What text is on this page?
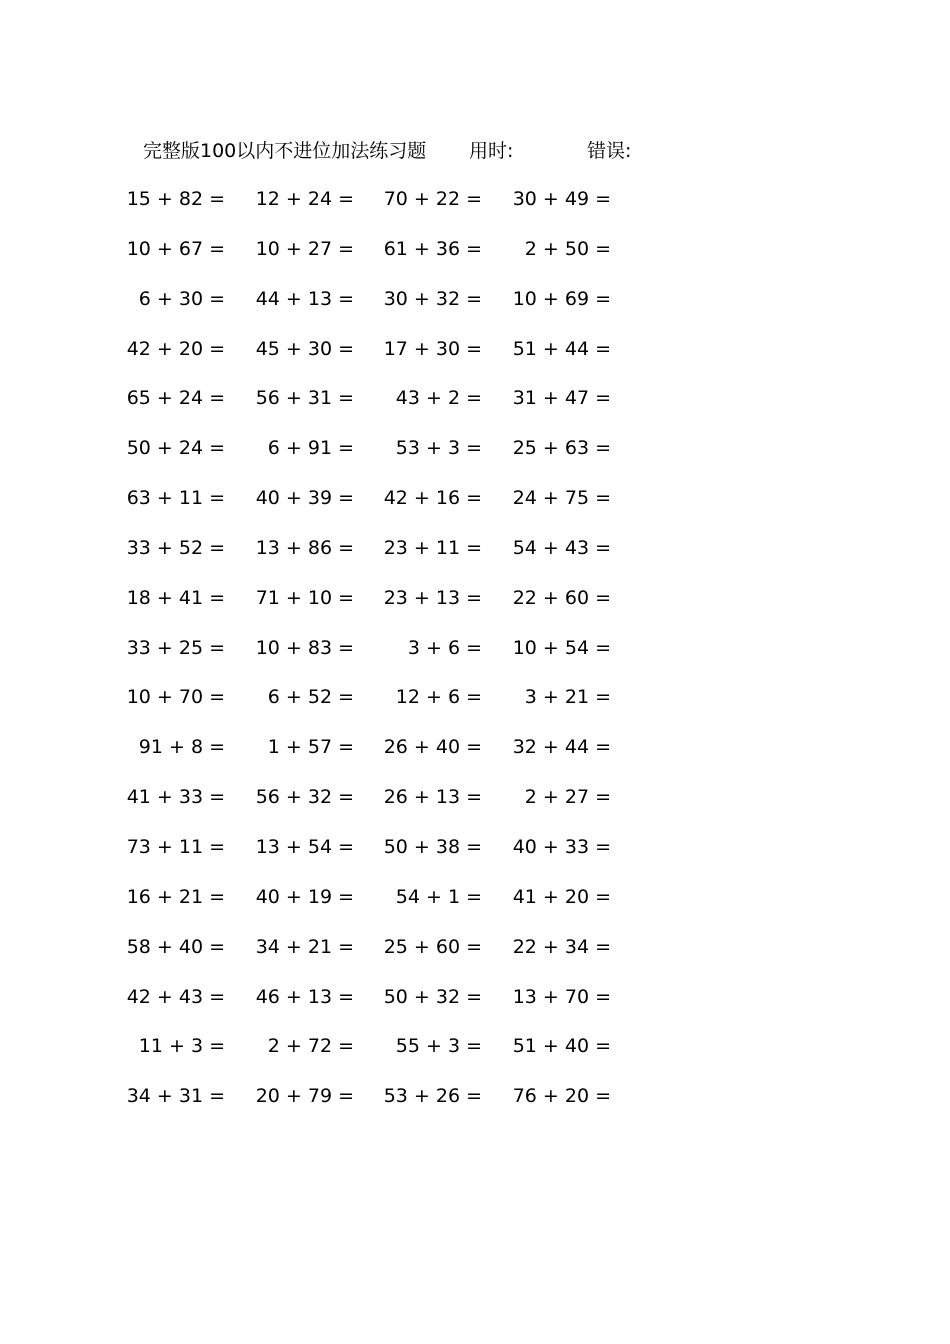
完整版100以内不进位加法练习题 用时:	错误:
15 + 82 =	12 + 24 =	70 + 22 =	30 + 49 =
10 + 67 =	10 + 27 =	61 + 36 =	2 + 50 =
6 + 30 =	44 + 13 =	30 + 32 =	10 + 69 =
42 + 20 =	45 + 30 =	17 + 30 =	51 + 44 =
65 + 24 =	56 + 31 =	43 + 2 =	31 + 47 =
50 + 24 =	6 + 91 =	53 + 3 =	25 + 63 =
63 + 11 =	40 + 39 =	42 + 16 =	24 + 75 =
33 + 52 =	13 + 86 =	23 + 11 =	54 + 43 =
18 + 41 =	71 + 10 =	23 + 13 =	22 + 60 =
33 + 25 =	10 + 83 =	3 + 6 =	10 + 54 =
10 + 70 =	6 + 52 =	12 + 6 =	3 + 21 =
91 + 8 =	1 + 57 =	26 + 40 =	32 + 44 =
41 + 33 =	56 + 32 =	26 + 13 =	2 + 27 =
73 + 11 =	13 + 54 =	50 + 38 =	40 + 33 =
16 + 21 =	40 + 19 =	54 + 1 =	41 + 20 =
58 + 40 =	34 + 21 =	25 + 60 =	22 + 34 =
42 + 43 =	46 + 13 =	50 + 32 =	13 + 70 =
11 + 3 =	2 + 72 =	55 + 3 =	51 + 40 =
34 + 31 =	20 + 79 =	53 + 26 =	76 + 20 =
